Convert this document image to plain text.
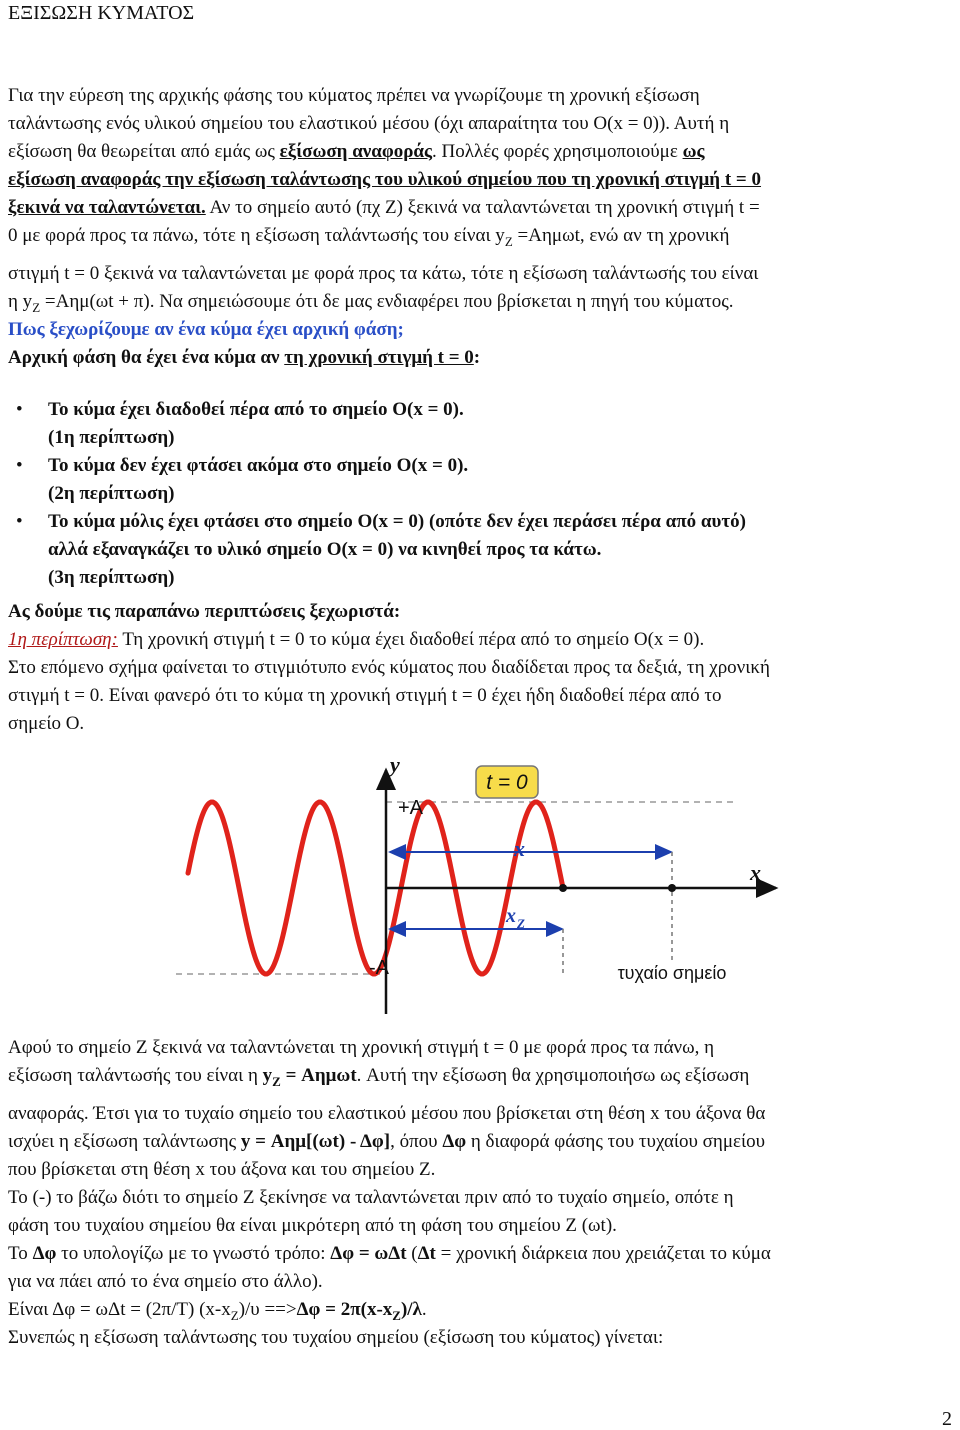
ΕΞΙΣΩΣΗ ΚΥΜΑΤΟΣ
Για την εύρεση της αρχικής φάσης του κύματος πρέπει να γνωρίζουμε τη χρονική εξίσωση
ταλάντωσης ενός υλικού σημείου του ελαστικού μέσου (όχι απαραίτητα του Ο(x = 0)). Αυτή η
εξίσωση θα θεωρείται από εμάς ως εξίσωση αναφοράς. Πολλές φορές χρησιμοποιούμε ως
εξίσωση αναφοράς την εξίσωση ταλάντωσης του υλικού σημείου που τη χρονική στιγμή t = 0
ξεκινά να ταλαντώνεται. Αν το σημείο αυτό (πχ Ζ) ξεκινά να ταλαντώνεται τη χρονική στιγμή t =
0 με φορά προς τα πάνω, τότε η εξίσωση ταλάντωσής του είναι $y_Z =A\eta\mu\omega t$, ενώ αν τη χρονική
στιγμή t = 0 ξεκινά να ταλαντώνεται με φορά προς τα κάτω, τότε η εξίσωση ταλάντωσής του είναι
η $y_Z =A\eta\mu(\omega t + \pi)$. Να σημειώσουμε ότι δε μας ενδιαφέρει που βρίσκεται η πηγή του κύματος.
Πως ξεχωρίζουμε αν ένα κύμα έχει αρχική φάση;
Αρχική φάση θα έχει ένα κύμα αν τη χρονική στιγμή t = 0:
• Το κύμα έχει διαδοθεί πέρα από το σημείο Ο(x = 0).
(1η περίπτωση)
• Το κύμα δεν έχει φτάσει ακόμα στο σημείο Ο(x = 0).
(2η περίπτωση)
• Το κύμα μόλις έχει φτάσει στο σημείο Ο(x = 0) (οπότε δεν έχει περάσει πέρα από αυτό)
αλλά εξαναγκάζει το υλικό σημείο Ο(x = 0) να κινηθεί προς τα κάτω.
(3η περίπτωση)
Ας δούμε τις παραπάνω περιπτώσεις ξεχωριστά:
1η περίπτωση: Τη χρονική στιγμή t = 0 το κύμα έχει διαδοθεί πέρα από το σημείο Ο(x = 0).
Στο επόμενο σχήμα φαίνεται το στιγμιότυπο ενός κύματος που διαδίδεται προς τα δεξιά, τη χρονική
στιγμή t = 0. Είναι φανερό ότι το κύμα τη χρονική στιγμή t = 0 έχει ήδη διαδοθεί πέρα από το
σημείο Ο.
t = 0
y
x
+A
-A
x
x Z
τυχαίο σημείο
Αφού το σημείο Ζ ξεκινά να ταλαντώνεται τη χρονική στιγμή t = 0 με φορά προς τα πάνω, η
εξίσωση ταλάντωσής του είναι η $y_Z = A\eta\mu\omega t$. Αυτή την εξίσωση θα χρησιμοποιήσω ως εξίσωση
αναφοράς. Έτσι για το τυχαίο σημείο του ελαστικού μέσου που βρίσκεται στη θέση x του άξονα θα
ισχύει η εξίσωση ταλάντωσης y = Αημ[(ωt) - Δφ], όπου Δφ η διαφορά φάσης του τυχαίου σημείου
που βρίσκεται στη θέση x του άξονα και του σημείου Ζ.
Το (-) το βάζω διότι το σημείο Ζ ξεκίνησε να ταλαντώνεται πριν από το τυχαίο σημείο, οπότε η
φάση του τυχαίου σημείου θα είναι μικρότερη από τη φάση του σημείου Ζ (ωt).
Το Δφ το υπολογίζω με το γνωστό τρόπο: Δφ = ωΔt (Δt = χρονική διάρκεια που χρειάζεται το κύμα
για να πάει από το ένα σημείο στο άλλο).
Είναι Δφ = ωΔt = (2π/T) $(x-x_Z)/\upsilon ==>\Delta\varphi = 2\pi(x-x_Z)/\lambda$.
Συνεπώς η εξίσωση ταλάντωσης του τυχαίου σημείου (εξίσωση του κύματος) γίνεται:
2
